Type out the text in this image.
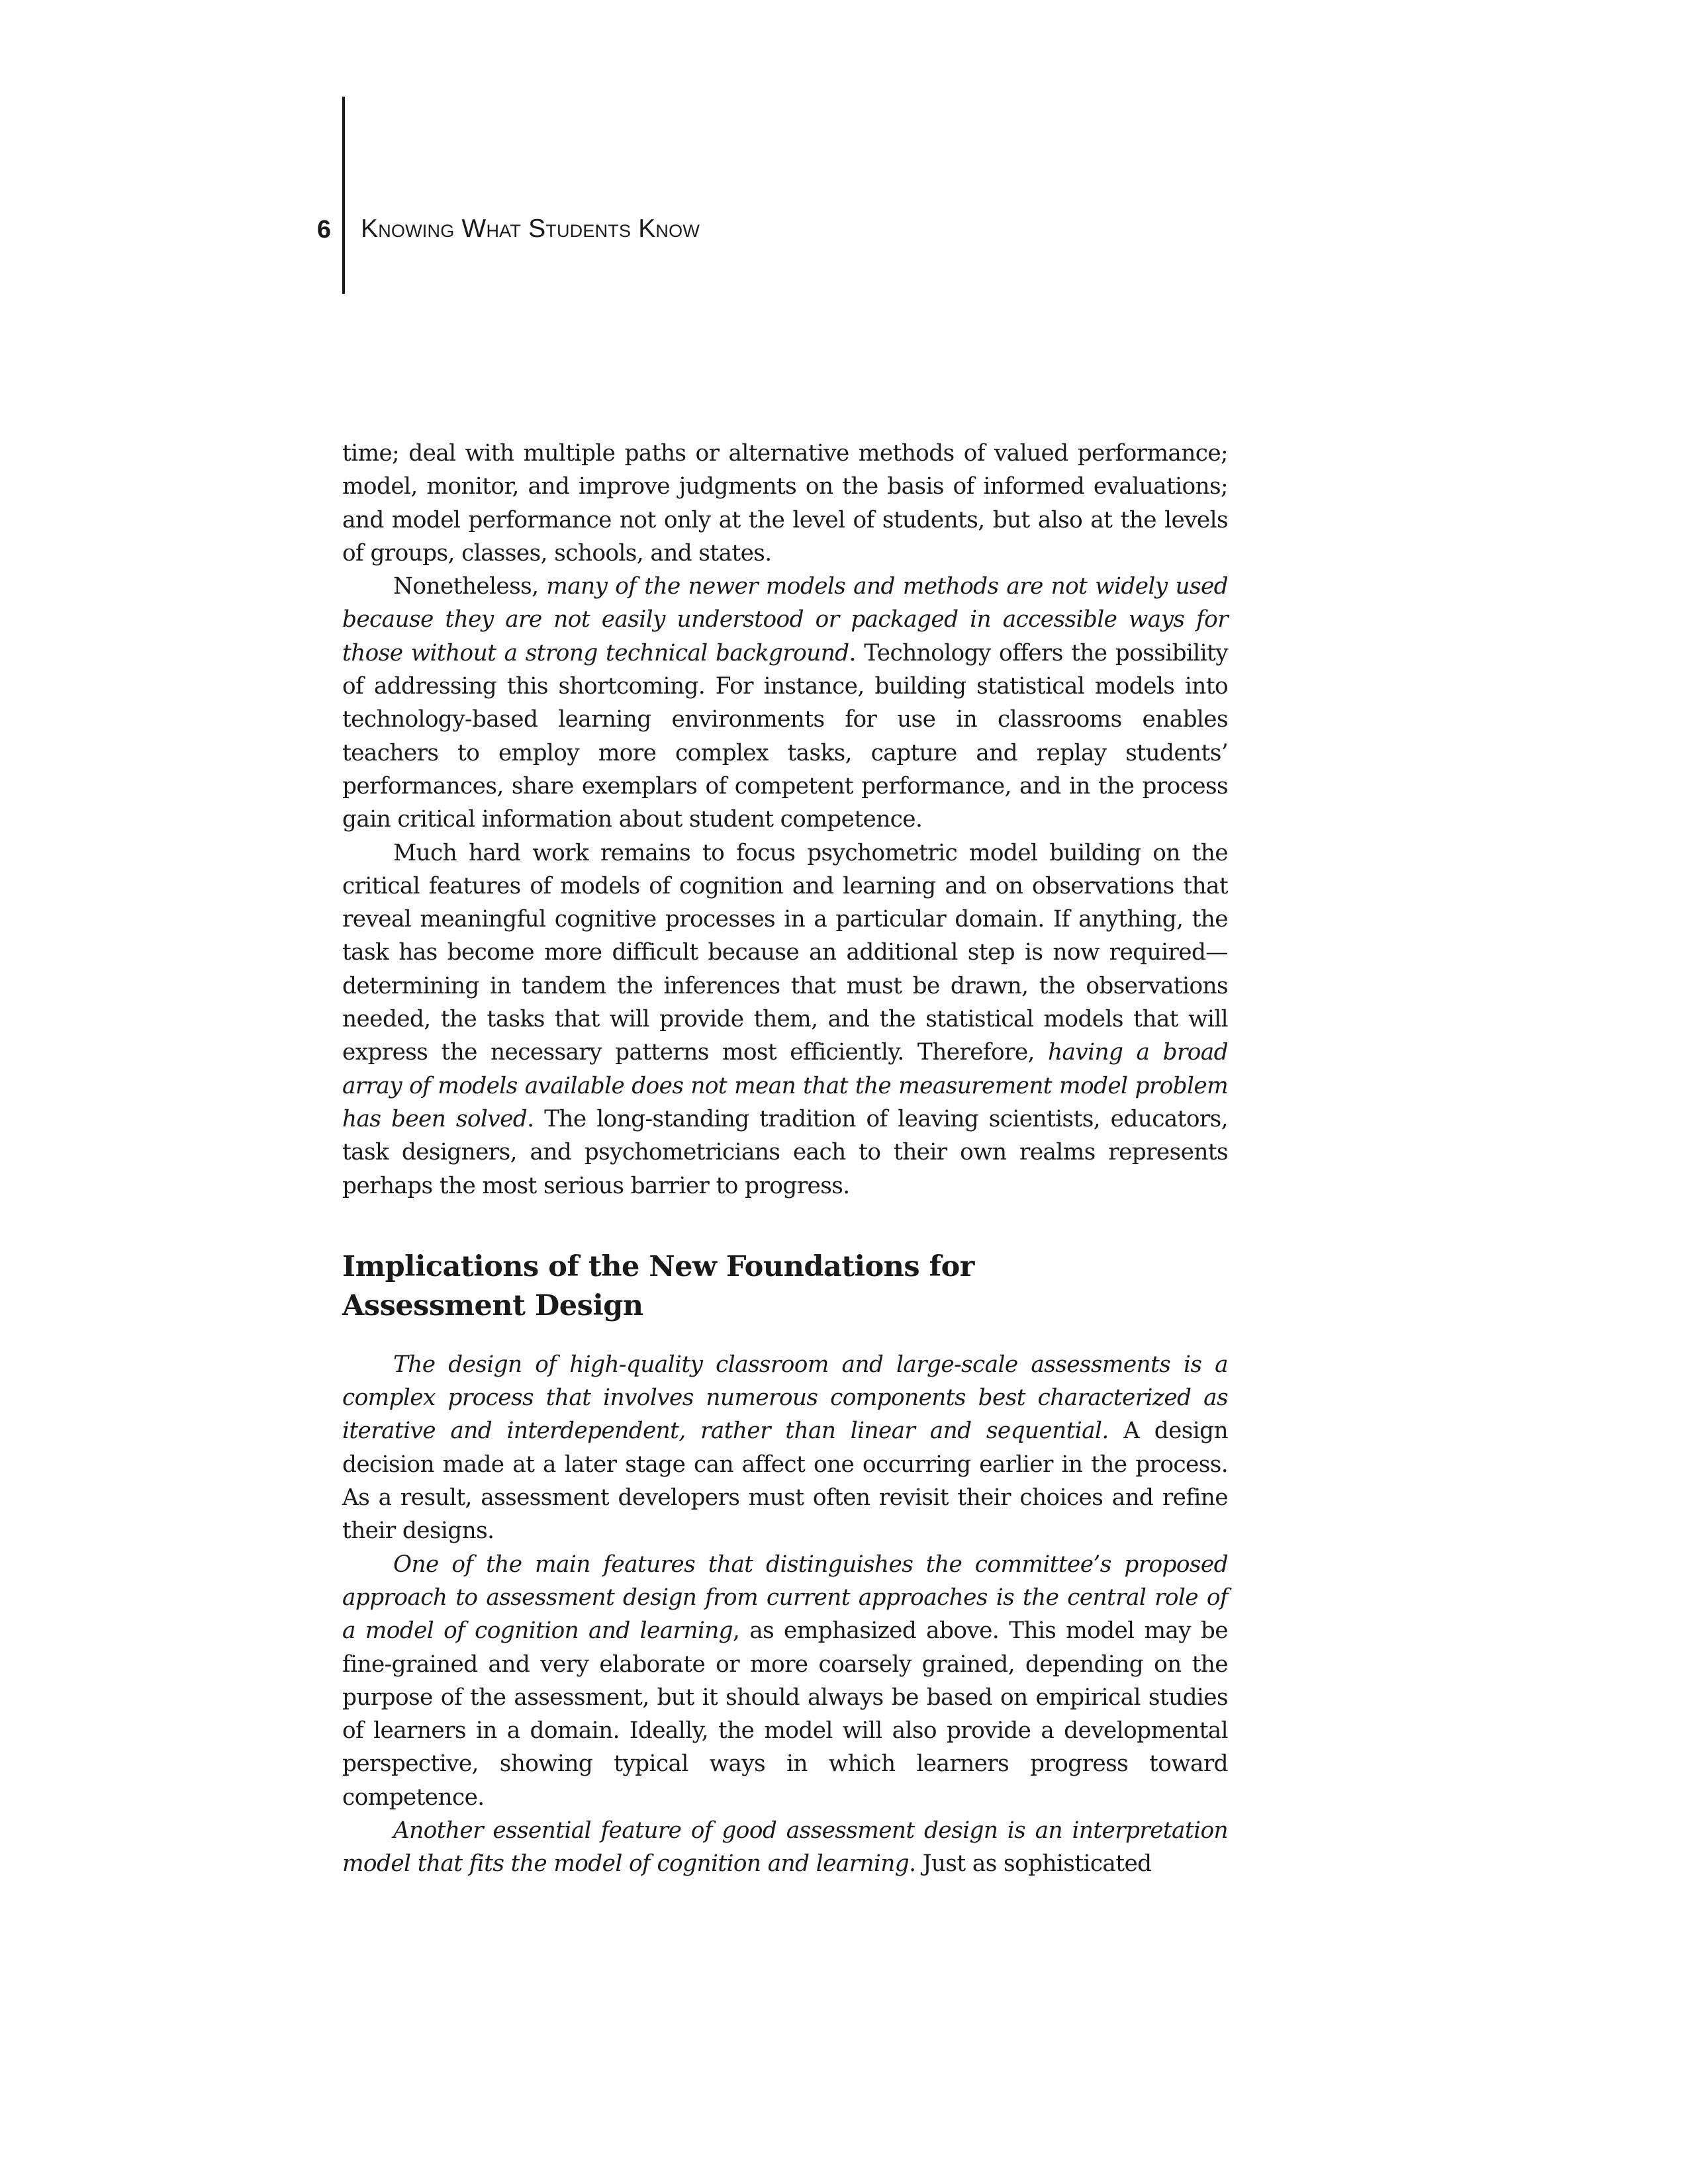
6 Knowing What Students Know

time; deal with multiple paths or alternative methods of valued performance; model, monitor, and improve judgments on the basis of informed evaluations; and model performance not only at the level of students, but also at the levels of groups, classes, schools, and states.

Nonetheless, many of the newer models and methods are not widely used because they are not easily understood or packaged in accessible ways for those without a strong technical background. Technology offers the possibility of addressing this shortcoming. For instance, building statistical models into technology-based learning environments for use in classrooms enables teachers to employ more complex tasks, capture and replay students’ performances, share exemplars of competent performance, and in the process gain critical information about student competence.

Much hard work remains to focus psychometric model building on the critical features of models of cognition and learning and on observations that reveal meaningful cognitive processes in a particular domain. If anything, the task has become more difficult because an additional step is now required—determining in tandem the inferences that must be drawn, the observations needed, the tasks that will provide them, and the statistical models that will express the necessary patterns most efficiently. Therefore, having a broad array of models available does not mean that the measurement model problem has been solved. The long-standing tradition of leaving scientists, educators, task designers, and psychometricians each to their own realms represents perhaps the most serious barrier to progress.

Implications of the New Foundations for
Assessment Design

The design of high-quality classroom and large-scale assessments is a complex process that involves numerous components best characterized as iterative and interdependent, rather than linear and sequential. A design decision made at a later stage can affect one occurring earlier in the process. As a result, assessment developers must often revisit their choices and refine their designs.

One of the main features that distinguishes the committee’s proposed approach to assessment design from current approaches is the central role of a model of cognition and learning, as emphasized above. This model may be fine-grained and very elaborate or more coarsely grained, depending on the purpose of the assessment, but it should always be based on empirical studies of learners in a domain. Ideally, the model will also provide a developmental perspective, showing typical ways in which learners progress toward competence.

Another essential feature of good assessment design is an interpretation model that fits the model of cognition and learning. Just as sophisticated
